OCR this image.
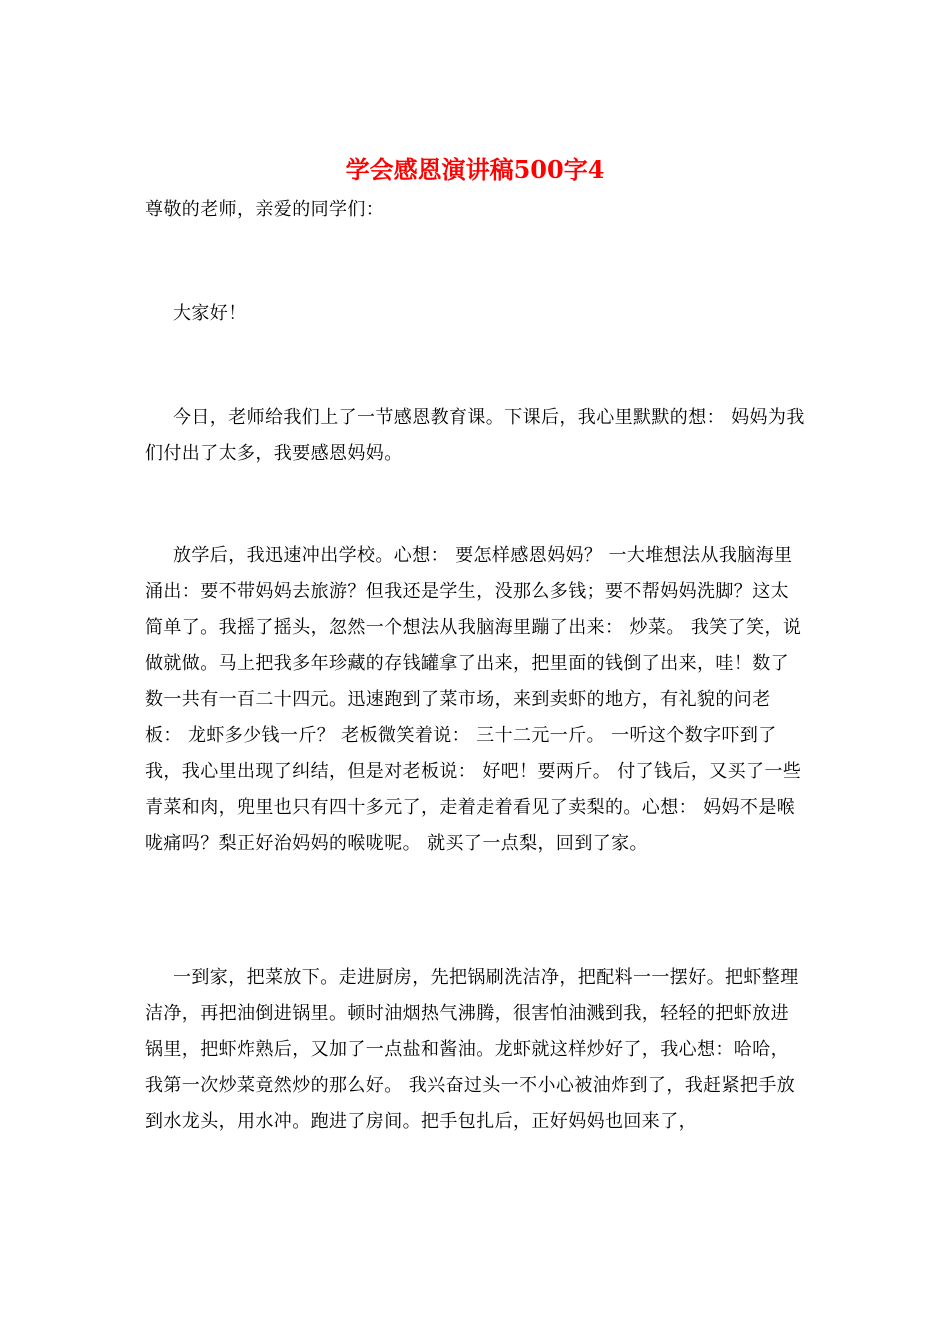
学会感恩演讲稿500字4

尊敬的老师，亲爱的同学们：

大家好！

今日，老师给我们上了一节感恩教育课。下课后，我心里默默的想： 妈妈为我们付出了太多，我要感恩妈妈。

放学后，我迅速冲出学校。心想： 要怎样感恩妈妈？ 一大堆想法从我脑海里涌出：要不带妈妈去旅游？但我还是学生，没那么多钱；要不帮妈妈洗脚？这太简单了。我摇了摇头，忽然一个想法从我脑海里蹦了出来： 炒菜。 我笑了笑，说做就做。马上把我多年珍藏的存钱罐拿了出来，把里面的钱倒了出来，哇！数了数一共有一百二十四元。迅速跑到了菜市场，来到卖虾的地方，有礼貌的问老板： 龙虾多少钱一斤？ 老板微笑着说： 三十二元一斤。 一听这个数字吓到了我，我心里出现了纠结，但是对老板说： 好吧！要两斤。 付了钱后，又买了一些青菜和肉，兜里也只有四十多元了，走着走着看见了卖梨的。心想： 妈妈不是喉咙痛吗？梨正好治妈妈的喉咙呢。 就买了一点梨，回到了家。

一到家，把菜放下。走进厨房，先把锅刷洗洁净，把配料一一摆好。把虾整理洁净，再把油倒进锅里。顿时油烟热气沸腾，很害怕油溅到我，轻轻的把虾放进锅里，把虾炸熟后，又加了一点盐和酱油。龙虾就这样炒好了，我心想：哈哈，我第一次炒菜竟然炒的那么好。 我兴奋过头一不小心被油炸到了，我赶紧把手放到水龙头，用水冲。跑进了房间。把手包扎后，正好妈妈也回来了，
